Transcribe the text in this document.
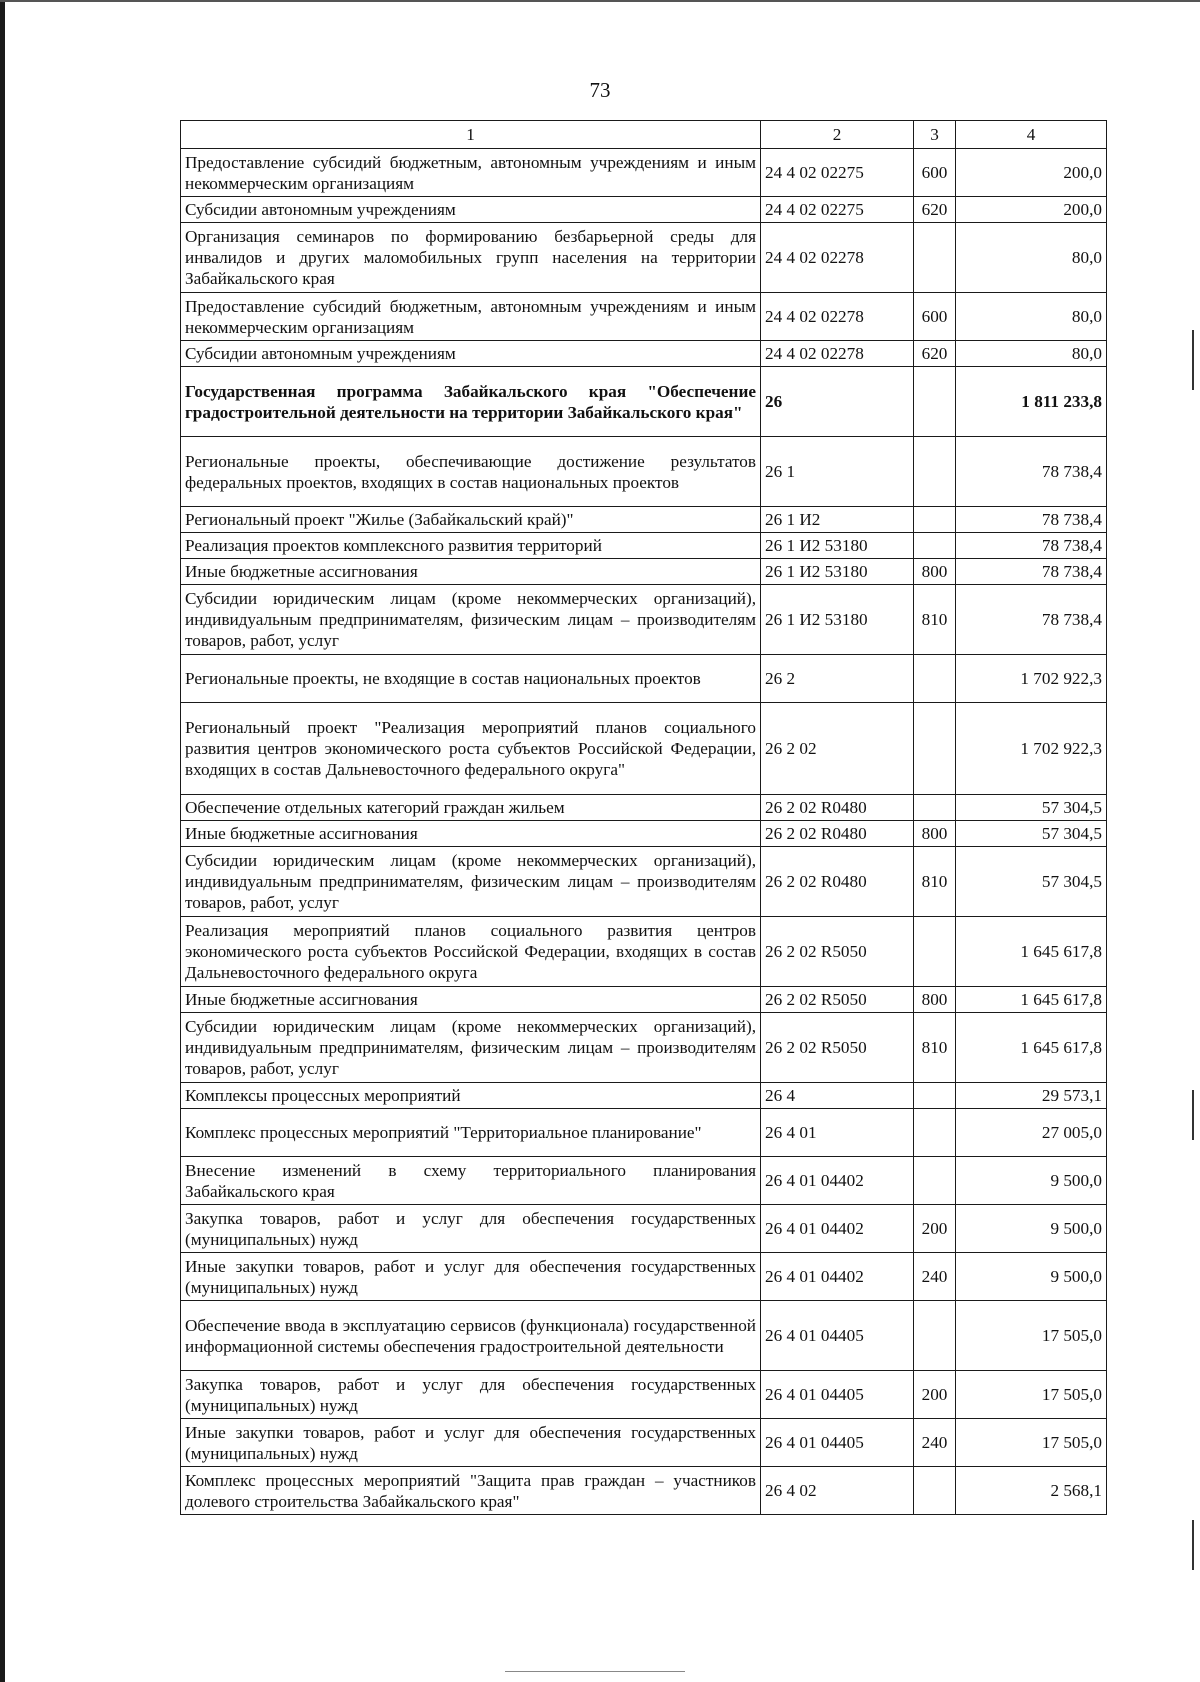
73
1	2	3	4
Предоставление субсидий бюджетным, автономным учреждениям и иным некоммерческим организациям	24 4 02 02275	600	200,0
Субсидии автономным учреждениям	24 4 02 02275	620	200,0
Организация семинаров по формированию безбарьерной среды для инвалидов и других маломобильных групп населения на территории Забайкальского края	24 4 02 02278		80,0
Предоставление субсидий бюджетным, автономным учреждениям и иным некоммерческим организациям	24 4 02 02278	600	80,0
Субсидии автономным учреждениям	24 4 02 02278	620	80,0
Государственная программа Забайкальского края "Обеспечение градостроительной деятельности на территории Забайкальского края"	26		1 811 233,8
Региональные проекты, обеспечивающие достижение результатов федеральных проектов, входящих в состав национальных проектов	26 1		78 738,4
Региональный проект "Жилье (Забайкальский край)"	26 1 И2		78 738,4
Реализация проектов комплексного развития территорий	26 1 И2 53180		78 738,4
Иные бюджетные ассигнования	26 1 И2 53180	800	78 738,4
Субсидии юридическим лицам (кроме некоммерческих организаций), индивидуальным предпринимателям, физическим лицам – производителям товаров, работ, услуг	26 1 И2 53180	810	78 738,4
Региональные проекты, не входящие в состав национальных проектов	26 2		1 702 922,3
Региональный проект "Реализация мероприятий планов социального развития центров экономического роста субъектов Российской Федерации, входящих в состав Дальневосточного федерального округа"	26 2 02		1 702 922,3
Обеспечение отдельных категорий граждан жильем	26 2 02 R0480		57 304,5
Иные бюджетные ассигнования	26 2 02 R0480	800	57 304,5
Субсидии юридическим лицам (кроме некоммерческих организаций), индивидуальным предпринимателям, физическим лицам – производителям товаров, работ, услуг	26 2 02 R0480	810	57 304,5
Реализация мероприятий планов социального развития центров экономического роста субъектов Российской Федерации, входящих в состав Дальневосточного федерального округа	26 2 02 R5050		1 645 617,8
Иные бюджетные ассигнования	26 2 02 R5050	800	1 645 617,8
Субсидии юридическим лицам (кроме некоммерческих организаций), индивидуальным предпринимателям, физическим лицам – производителям товаров, работ, услуг	26 2 02 R5050	810	1 645 617,8
Комплексы процессных мероприятий	26 4		29 573,1
Комплекс процессных мероприятий "Территориальное планирование"	26 4 01		27 005,0
Внесение изменений в схему территориального планирования Забайкальского края	26 4 01 04402		9 500,0
Закупка товаров, работ и услуг для обеспечения государственных (муниципальных) нужд	26 4 01 04402	200	9 500,0
Иные закупки товаров, работ и услуг для обеспечения государственных (муниципальных) нужд	26 4 01 04402	240	9 500,0
Обеспечение ввода в эксплуатацию сервисов (функционала) государственной информационной системы обеспечения градостроительной деятельности	26 4 01 04405		17 505,0
Закупка товаров, работ и услуг для обеспечения государственных (муниципальных) нужд	26 4 01 04405	200	17 505,0
Иные закупки товаров, работ и услуг для обеспечения государственных (муниципальных) нужд	26 4 01 04405	240	17 505,0
Комплекс процессных мероприятий "Защита прав граждан – участников долевого строительства Забайкальского края"	26 4 02		2 568,1
